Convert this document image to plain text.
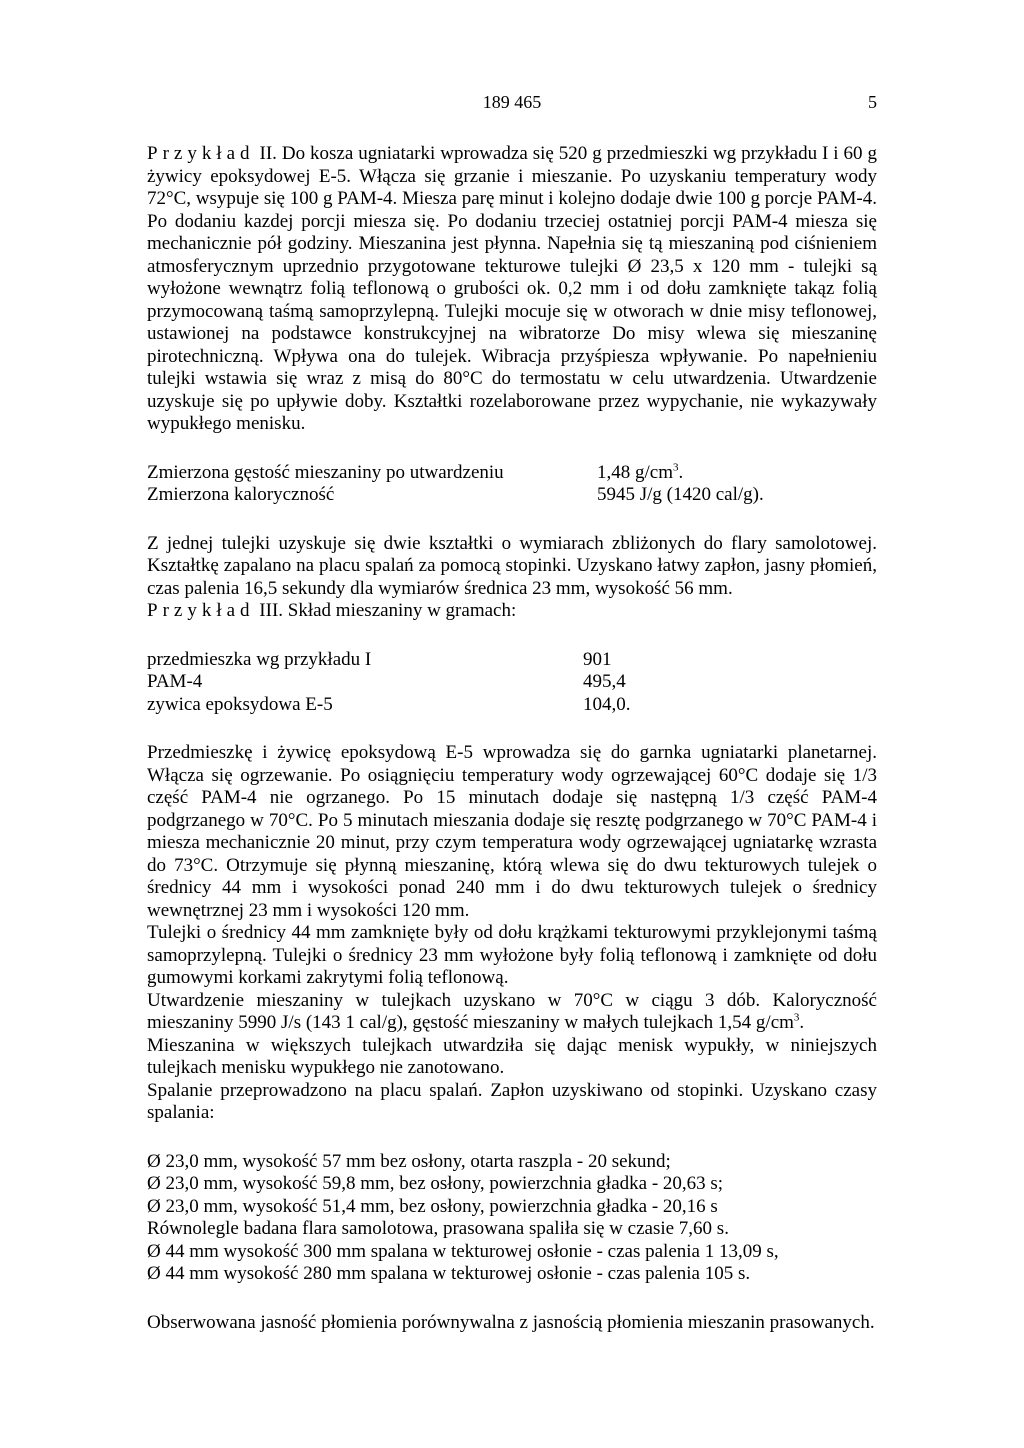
189 465	5

Przykład II. Do kosza ugniatarki wprowadza się 520 g przedmieszki wg przykładu I i 60 g żywicy epoksydowej E-5. Włącza się grzanie i mieszanie. Po uzyskaniu temperatury wody 72°C, wsypuje się 100 g PAM-4. Miesza parę minut i kolejno dodaje dwie 100 g porcje PAM-4. Po dodaniu kazdej porcji miesza się. Po dodaniu trzeciej ostatniej porcji PAM-4 miesza się mechanicznie pół godziny. Mieszanina jest płynna. Napełnia się tą mieszaniną pod ciśnieniem atmosferycznym uprzednio przygotowane tekturowe tulejki Ø 23,5 x 120 mm - tulejki są wyłożone wewnątrz folią teflonową o grubości ok. 0,2 mm i od dołu zamknięte takąz folią przymocowaną taśmą samoprzylepną. Tulejki mocuje się w otworach w dnie misy teflonowej, ustawionej na podstawce konstrukcyjnej na wibratorze Do misy wlewa się mieszaninę pirotechniczną. Wpływa ona do tulejek. Wibracja przyśpiesza wpływanie. Po napełnieniu tulejki wstawia się wraz z misą do 80°C do termostatu w celu utwardzenia. Utwardzenie uzyskuje się po upływie doby. Kształtki rozelaborowane przez wypychanie, nie wykazywały wypukłego menisku.

Zmierzona gęstość mieszaniny po utwardzeniu	1,48 $g/cm^3$.
Zmierzona kaloryczność	5945 J/g (1420 cal/g).

Z jednej tulejki uzyskuje się dwie kształtki o wymiarach zbliżonych do flary samolotowej. Kształtkę zapalano na placu spalań za pomocą stopinki. Uzyskano łatwy zapłon, jasny płomień, czas palenia 16,5 sekundy dla wymiarów średnica 23 mm, wysokość 56 mm.

Przykład III. Skład mieszaniny w gramach:

przedmieszka wg przykładu I	901
PAM-4	495,4
zywica epoksydowa E-5	104,0.

Przedmieszkę i żywicę epoksydową E-5 wprowadza się do garnka ugniatarki planetarnej. Włącza się ogrzewanie. Po osiągnięciu temperatury wody ogrzewającej 60°C dodaje się 1/3 część PAM-4 nie ogrzanego. Po 15 minutach dodaje się następną 1/3 część PAM-4 podgrzanego w 70°C. Po 5 minutach mieszania dodaje się resztę podgrzanego w 70°C PAM-4 i miesza mechanicznie 20 minut, przy czym temperatura wody ogrzewającej ugniatarkę wzrasta do 73°C. Otrzymuje się płynną mieszaninę, którą wlewa się do dwu tekturowych tulejek o średnicy 44 mm i wysokości ponad 240 mm i do dwu tekturowych tulejek o średnicy wewnętrznej 23 mm i wysokości 120 mm.

Tulejki o średnicy 44 mm zamknięte były od dołu krążkami tekturowymi przyklejonymi taśmą samoprzylepną. Tulejki o średnicy 23 mm wyłożone były folią teflonową i zamknięte od dołu gumowymi korkami zakrytymi folią teflonową.

Utwardzenie mieszaniny w tulejkach uzyskano w 70°C w ciągu 3 dób. Kaloryczność mieszaniny 5990 J/s (143 1 cal/g), gęstość mieszaniny w małych tulejkach 1,54 $g/cm^3$.

Mieszanina w większych tulejkach utwardziła się dając menisk wypukły, w niniejszych tulejkach menisku wypukłego nie zanotowano.

Spalanie przeprowadzono na placu spalań. Zapłon uzyskiwano od stopinki. Uzyskano czasy spalania:

Ø 23,0 mm, wysokość 57 mm bez osłony, otarta raszpla - 20 sekund;

Ø 23,0 mm, wysokość 59,8 mm, bez osłony, powierzchnia gładka - 20,63 s;

Ø 23,0 mm, wysokość 51,4 mm, bez osłony, powierzchnia gładka - 20,16 s

Równolegle badana flara samolotowa, prasowana spaliła się w czasie 7,60 s.

Ø 44 mm wysokość 300 mm spalana w tekturowej osłonie - czas palenia 1 13,09 s,

Ø 44 mm wysokość 280 mm spalana w tekturowej osłonie - czas palenia 105 s.

Obserwowana jasność płomienia porównywalna z jasnością płomienia mieszanin prasowanych.
